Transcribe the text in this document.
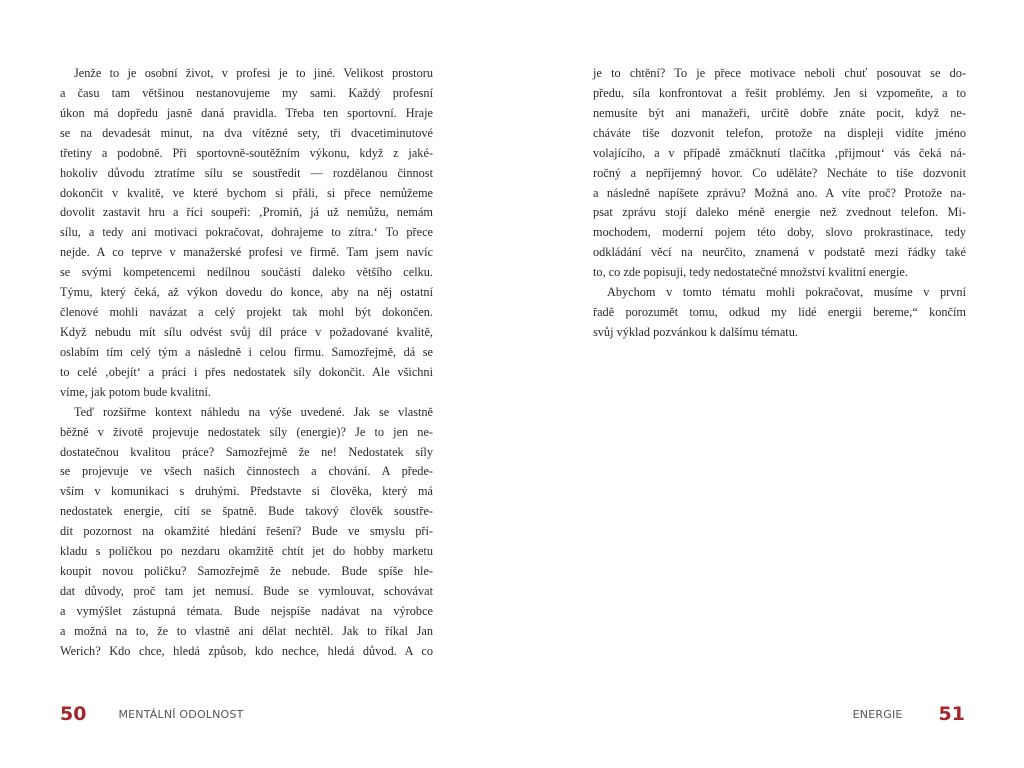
Jenže to je osobní život, v profesi je to jiné. Velikost prostoru
a času tam většinou nestanovujeme my sami. Každý profesní
úkon má dopředu jasně daná pravidla. Třeba ten sportovní. Hraje
se na devadesát minut, na dva vítězné sety, tři dvacetiminutové
třetiny a podobně. Při sportovně-soutěžním výkonu, když z jaké-
hokoliv důvodu ztratíme sílu se soustředit — rozdělanou činnost
dokončit v kvalitě, ve které bychom si přáli, si přece nemůžeme
dovolit zastavit hru a říci soupeři: ‚Promiň, já už nemůžu, nemám
sílu, a tedy ani motivaci pokračovat, dohrajeme to zítra.‘ To přece
nejde. A co teprve v manažerské profesi ve firmě. Tam jsem navíc
se svými kompetencemi nedílnou součástí daleko většího celku.
Týmu, který čeká, až výkon dovedu do konce, aby na něj ostatní
členové mohli navázat a celý projekt tak mohl být dokončen.
Když nebudu mít sílu odvést svůj díl práce v požadované kvalitě,
oslabím tím celý tým a následně i celou firmu. Samozřejmě, dá se
to celé ‚obejít‘ a práci i přes nedostatek síly dokončit. Ale všichni
víme, jak potom bude kvalitní.
Teď rozšiřme kontext náhledu na výše uvedené. Jak se vlastně
běžně v životě projevuje nedostatek síly (energie)? Je to jen ne-
dostatečnou kvalitou práce? Samozřejmě že ne! Nedostatek síly
se projevuje ve všech našich činnostech a chování. A přede-
vším v komunikaci s druhými. Představte si člověka, který má
nedostatek energie, cítí se špatně. Bude takový člověk soustře-
dit pozornost na okamžité hledání řešení? Bude ve smyslu pří-
kladu s poličkou po nezdaru okamžitě chtít jet do hobby marketu
koupit novou poličku? Samozřejmě že nebude. Bude spíše hle-
dat důvody, proč tam jet nemusí. Bude se vymlouvat, schovávat
a vymýšlet zástupná témata. Bude nejspíše nadávat na výrobce
a možná na to, že to vlastně ani dělat nechtěl. Jak to říkal Jan
Werich? Kdo chce, hledá způsob, kdo nechce, hledá důvod. A co
je to chtění? To je přece motivace neboli chuť posouvat se do-
předu, síla konfrontovat a řešit problémy. Jen si vzpomeňte, a to
nemusíte být ani manažeři, určitě dobře znáte pocit, když ne-
cháváte tiše dozvonit telefon, protože na displeji vidíte jméno
volajícího, a v případě zmáčknutí tlačítka ‚přijmout‘ vás čeká ná-
ročný a nepříjemný hovor. Co uděláte? Necháte to tiše dozvonit
a následně napíšete zprávu? Možná ano. A víte proč? Protože na-
psat zprávu stojí daleko méně energie než zvednout telefon. Mi-
mochodem, moderní pojem této doby, slovo prokrastinace, tedy
odkládání věcí na neurčito, znamená v podstatě mezi řádky také
to, co zde popisuji, tedy nedostatečné množství kvalitní energie.
Abychom v tomto tématu mohli pokračovat, musíme v první
řadě porozumět tomu, odkud my lidé energii bereme,“ končím
svůj výklad pozvánkou k dalšímu tématu.
50	MENTÁLNÍ ODOLNOST	ENERGIE 51
